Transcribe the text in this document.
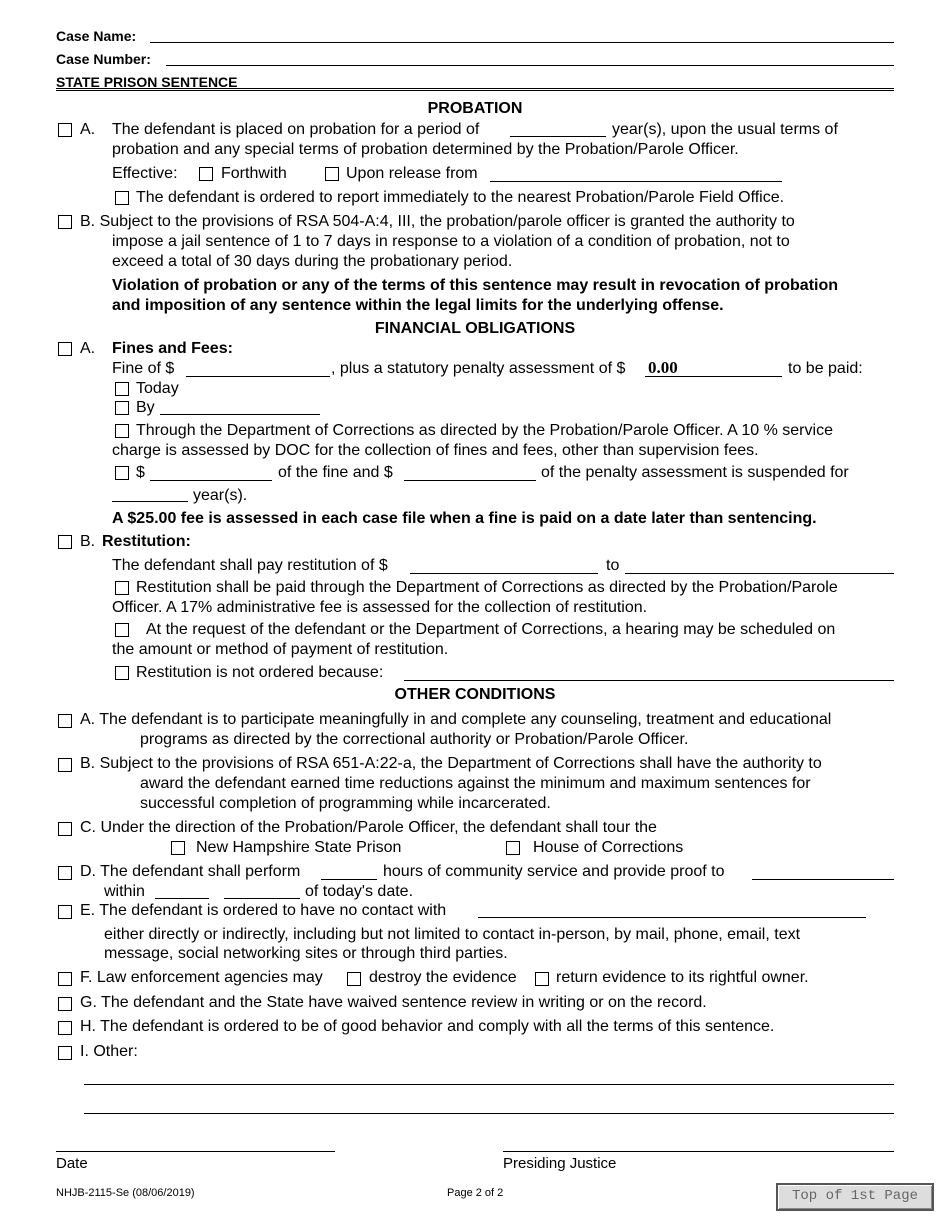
Case Name:
Case Number:
STATE PRISON SENTENCE
PROBATION
A. The defendant is placed on probation for a period of	year(s), upon the usual terms of
probation and any special terms of probation determined by the Probation/Parole Officer.
Effective:	Forthwith	Upon release from
The defendant is ordered to report immediately to the nearest Probation/Parole Field Office.
B. Subject to the provisions of RSA 504-A:4, III, the probation/parole officer is granted the authority to
impose a jail sentence of 1 to 7 days in response to a violation of a condition of probation, not to
exceed a total of 30 days during the probationary period.
Violation of probation or any of the terms of this sentence may result in revocation of probation
and imposition of any sentence within the legal limits for the underlying offense.
FINANCIAL OBLIGATIONS
A. Fines and Fees:
Fine of $	, plus a statutory penalty assessment of $ 0.00	to be paid:
Today
By
Through the Department of Corrections as directed by the Probation/Parole Officer. A 10 % service
charge is assessed by DOC for the collection of fines and fees, other than supervision fees.
$	of the fine and $	of the penalty assessment is suspended for
year(s).
A $25.00 fee is assessed in each case file when a fine is paid on a date later than sentencing.
B. Restitution:
The defendant shall pay restitution of $	to
Restitution shall be paid through the Department of Corrections as directed by the Probation/Parole
Officer. A 17% administrative fee is assessed for the collection of restitution.
At the request of the defendant or the Department of Corrections, a hearing may be scheduled on
the amount or method of payment of restitution.
Restitution is not ordered because:
OTHER CONDITIONS
A. The defendant is to participate meaningfully in and complete any counseling, treatment and educational
programs as directed by the correctional authority or Probation/Parole Officer.
B. Subject to the provisions of RSA 651-A:22-a, the Department of Corrections shall have the authority to
award the defendant earned time reductions against the minimum and maximum sentences for
successful completion of programming while incarcerated.
C. Under the direction of the Probation/Parole Officer, the defendant shall tour the
New Hampshire State Prison	House of Corrections
D. The defendant shall perform	hours of community service and provide proof to
within	of today's date.
E. The defendant is ordered to have no contact with
either directly or indirectly, including but not limited to contact in-person, by mail, phone, email, text
message, social networking sites or through third parties.
F. Law enforcement agencies may	destroy the evidence return evidence to its rightful owner.
G. The defendant and the State have waived sentence review in writing or on the record.
H. The defendant is ordered to be of good behavior and comply with all the terms of this sentence.
I. Other:
Date	Presiding Justice
NHJB-2115-Se (08/06/2019)	Page 2 of 2	Top of 1st Page
